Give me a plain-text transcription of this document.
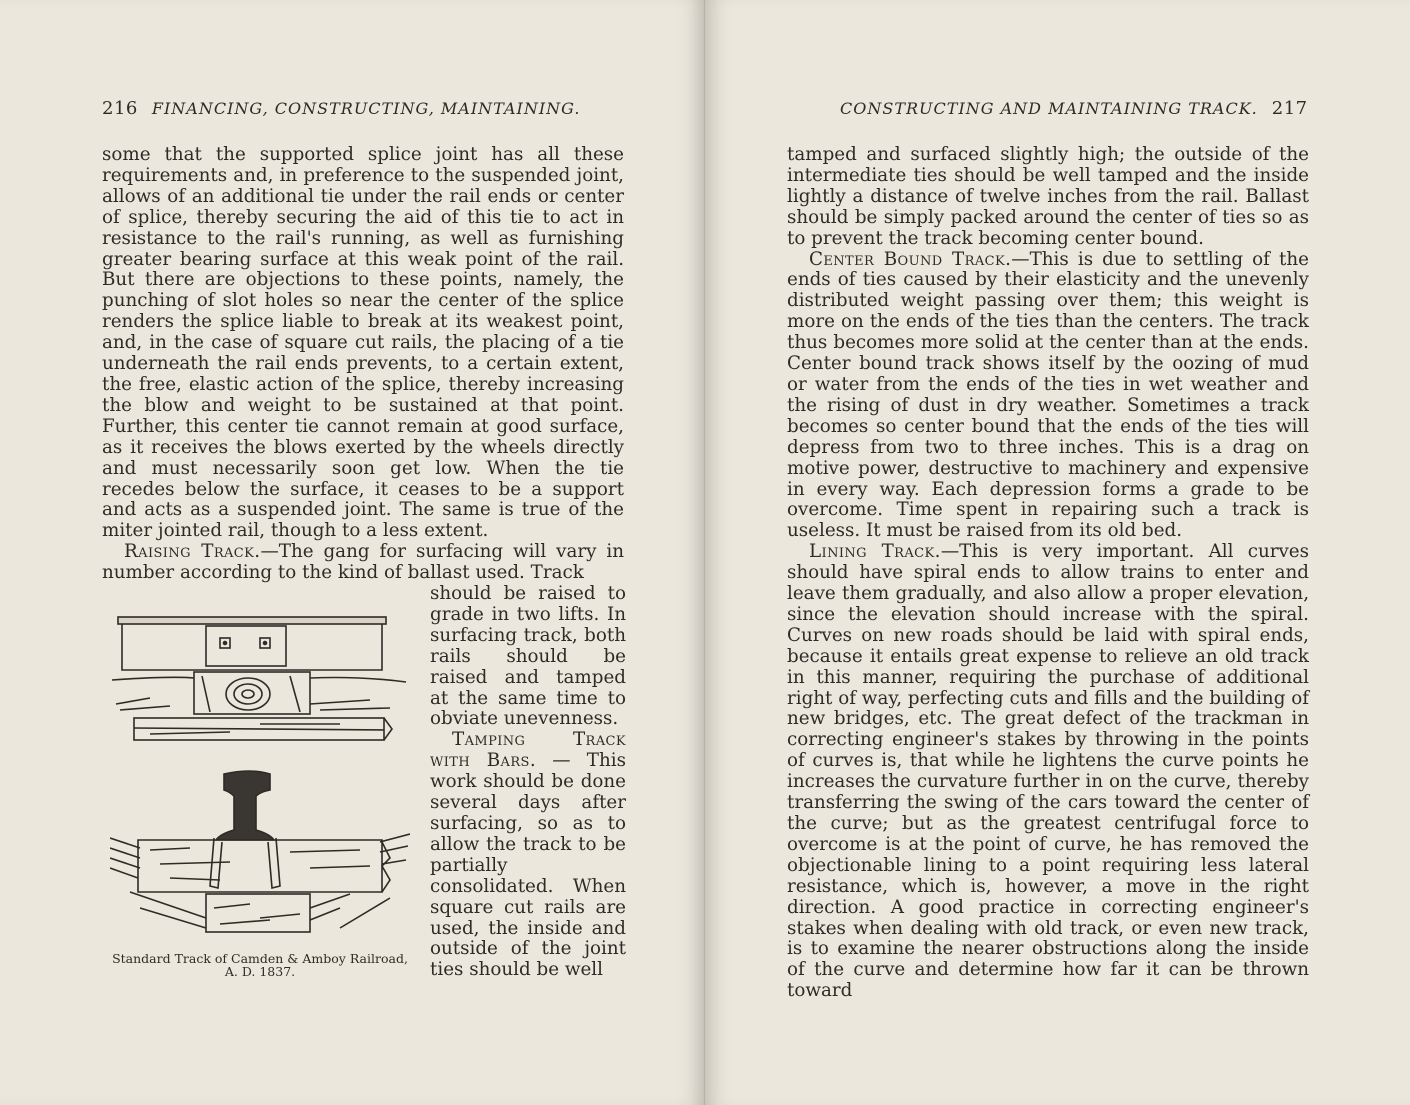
216 FINANCING, CONSTRUCTING, MAINTAINING.

some that the supported splice joint has all these requirements and, in preference to the suspended joint, allows of an additional tie under the rail ends or center of splice, thereby securing the aid of this tie to act in resistance to the rail's running, as well as furnishing greater bearing surface at this weak point of the rail. But there are objections to these points, namely, the punching of slot holes so near the center of the splice renders the splice liable to break at its weakest point, and, in the case of square cut rails, the placing of a tie underneath the rail ends prevents, to a certain extent, the free, elastic action of the splice, thereby increasing the blow and weight to be sustained at that point. Further, this center tie cannot remain at good surface, as it receives the blows exerted by the wheels directly and must necessarily soon get low. When the tie recedes below the surface, it ceases to be a support and acts as a suspended joint. The same is true of the miter jointed rail, though to a less extent.

Raising Track.—The gang for surfacing will vary in number according to the kind of ballast used. Track

should be raised to grade in two lifts. In surfacing track, both rails should be raised and tamped at the same time to obviate unevenness.

Tamping Track with Bars. — This work should be done several days after surfacing, so as to allow the track to be partially consolidated. When square cut rails are used, the inside and outside of the joint ties should be well

Standard Track of Camden & Amboy Railroad,
A. D. 1837.
CONSTRUCTING AND MAINTAINING TRACK. 217

tamped and surfaced slightly high; the outside of the intermediate ties should be well tamped and the inside lightly a distance of twelve inches from the rail. Ballast should be simply packed around the center of ties so as to prevent the track becoming center bound.

Center Bound Track.—This is due to settling of the ends of ties caused by their elasticity and the unevenly distributed weight passing over them; this weight is more on the ends of the ties than the centers. The track thus becomes more solid at the center than at the ends. Center bound track shows itself by the oozing of mud or water from the ends of the ties in wet weather and the rising of dust in dry weather. Sometimes a track becomes so center bound that the ends of the ties will depress from two to three inches. This is a drag on motive power, destructive to machinery and expensive in every way. Each depression forms a grade to be overcome. Time spent in repairing such a track is useless. It must be raised from its old bed.

Lining Track.—This is very important. All curves should have spiral ends to allow trains to enter and leave them gradually, and also allow a proper elevation, since the elevation should increase with the spiral. Curves on new roads should be laid with spiral ends, because it entails great expense to relieve an old track in this manner, requiring the purchase of additional right of way, perfecting cuts and fills and the building of new bridges, etc. The great defect of the trackman in correcting engineer's stakes by throwing in the points of curves is, that while he lightens the curve points he increases the curvature further in on the curve, thereby transferring the swing of the cars toward the center of the curve; but as the greatest centrifugal force to overcome is at the point of curve, he has removed the objectionable lining to a point requiring less lateral resistance, which is, however, a move in the right direction. A good practice in correcting engineer's stakes when dealing with old track, or even new track, is to examine the nearer obstructions along the inside of the curve and determine how far it can be thrown toward
